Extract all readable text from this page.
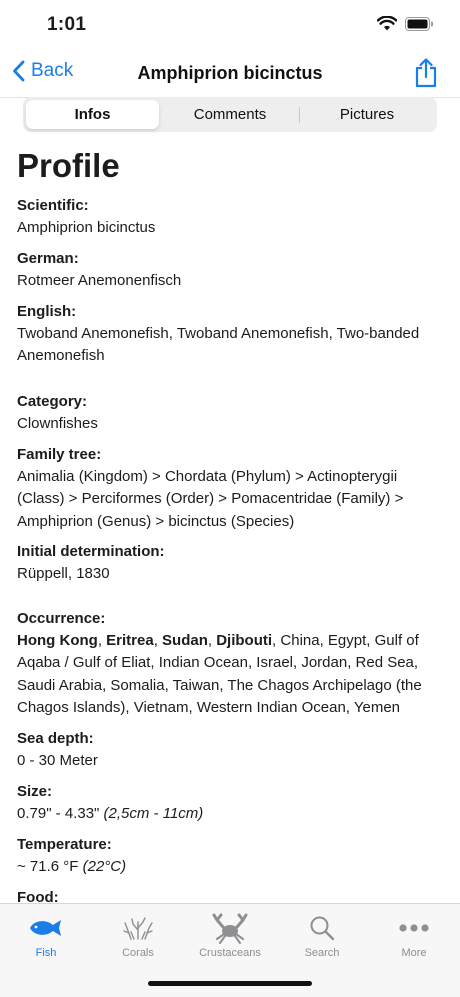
1:01
Back	Amphiprion bicinctus
Infos	Comments	Pictures
Profile
Scientific:
Amphiprion bicinctus
German:
Rotmeer Anemonenfisch
English:
Twoband Anemonefish, Twoband Anemonefish, Two-banded Anemonefish
Category:
Clownfishes
Family tree:
Animalia (Kingdom) > Chordata (Phylum) > Actinopterygii (Class) > Perciformes (Order) > Pomacentridae (Family) > Amphiprion (Genus) > bicinctus (Species)
Initial determination:
Rüppell, 1830
Occurrence:
Hong Kong, Eritrea, Sudan, Djibouti, China, Egypt, Gulf of Aqaba / Gulf of Eliat, Indian Ocean, Israel, Jordan, Red Sea, Saudi Arabia, Somalia, Taiwan, The Chagos Archipelago (the Chagos Islands), Vietnam, Western Indian Ocean, Yemen
Sea depth:
0 - 30 Meter
Size:
0.79" - 4.33" (2,5cm - 11cm)
Temperature:
~ 71.6 °F (22°C)
Food:
Fish	Corals	Crustaceans	Search	More
